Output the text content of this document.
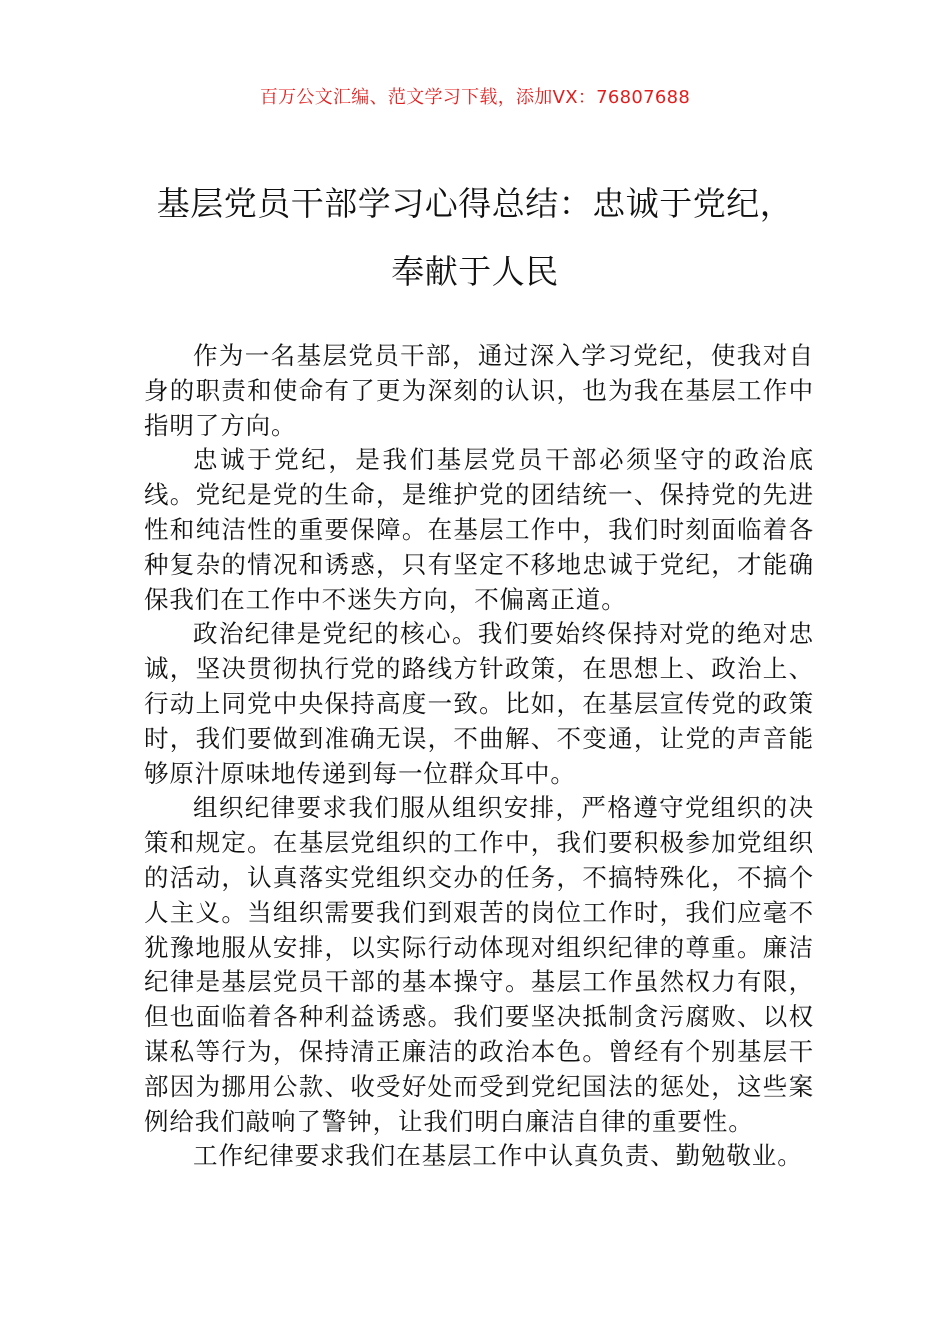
百万公文汇编、范文学习下载，添加VX：76807688
基层党员干部学习心得总结：忠诚于党纪，
奉献于人民

作为一名基层党员干部，通过深入学习党纪，使我对自身的职责和使命有了更为深刻的认识，也为我在基层工作中指明了方向。

忠诚于党纪，是我们基层党员干部必须坚守的政治底线。党纪是党的生命，是维护党的团结统一、保持党的先进性和纯洁性的重要保障。在基层工作中，我们时刻面临着各种复杂的情况和诱惑，只有坚定不移地忠诚于党纪，才能确保我们在工作中不迷失方向，不偏离正道。

政治纪律是党纪的核心。我们要始终保持对党的绝对忠诚，坚决贯彻执行党的路线方针政策，在思想上、政治上、行动上同党中央保持高度一致。比如，在基层宣传党的政策时，我们要做到准确无误，不曲解、不变通，让党的声音能够原汁原味地传递到每一位群众耳中。

组织纪律要求我们服从组织安排，严格遵守党组织的决策和规定。在基层党组织的工作中，我们要积极参加党组织的活动，认真落实党组织交办的任务，不搞特殊化，不搞个人主义。当组织需要我们到艰苦的岗位工作时，我们应毫不犹豫地服从安排，以实际行动体现对组织纪律的尊重。廉洁纪律是基层党员干部的基本操守。基层工作虽然权力有限，但也面临着各种利益诱惑。我们要坚决抵制贪污腐败、以权谋私等行为，保持清正廉洁的政治本色。曾经有个别基层干部因为挪用公款、收受好处而受到党纪国法的惩处，这些案例给我们敲响了警钟，让我们明白廉洁自律的重要性。

工作纪律要求我们在基层工作中认真负责、勤勉敬业。
